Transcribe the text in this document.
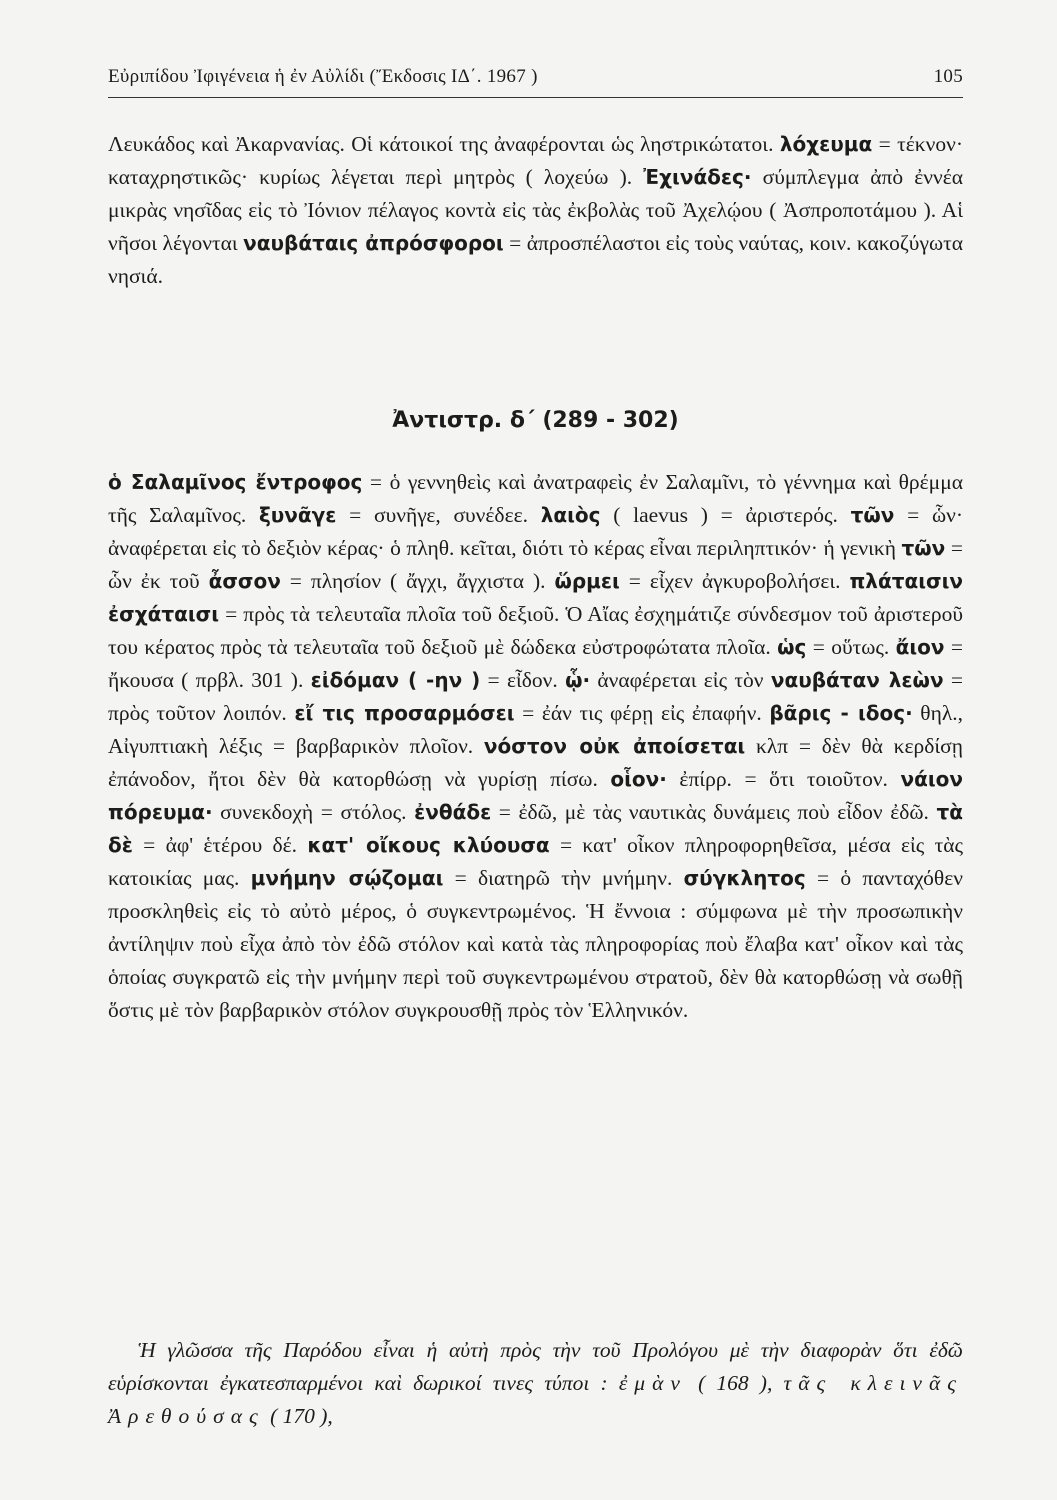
Εὐριπίδου Ἰφιγένεια ἡ ἐν Αὐλίδι (Ἔκδοσις ΙΔ΄. 1967 )	105

Λευκάδος καὶ Ἀκαρνανίας. Οἱ κάτοικοί της ἀναφέρονται ὡς ληστρικώτατοι. λόχευμα = τέκνον· καταχρηστικῶς· κυρίως λέγεται περὶ μητρὸς ( λοχεύω ). Ἐχινάδες· σύμπλεγμα ἀπὸ ἐννέα μικρὰς νησῖδας εἰς τὸ Ἰόνιον πέλαγος κοντὰ εἰς τὰς ἐκβολὰς τοῦ Ἀχελῴου ( Ἀσπροποτάμου ). Αἱ νῆσοι λέγονται ναυβάταις ἀπρόσφοροι = ἀπροσπέλαστοι εἰς τοὺς ναύτας, κοιν. κακοζύγωτα νησιά.

Ἀντιστρ. δ΄ (289 - 302)

ὁ Σαλαμῖνος ἔντροφος = ὁ γεννηθεὶς καὶ ἀνατραφεὶς ἐν Σαλαμῖνι, τὸ γέννημα καὶ θρέμμα τῆς Σαλαμῖνος. ξυνᾶγε = συνῆγε, συνέδεε. λαιὸς ( laevus ) = ἀριστερός. τῶν = ὧν· ἀναφέρεται εἰς τὸ δεξιὸν κέρας· ὁ πληθ. κεῖται, διότι τὸ κέρας εἶναι περιληπτικόν· ἡ γενικὴ τῶν = ὧν ἐκ τοῦ ἆσσον = πλησίον ( ἄγχι, ἄγχιστα ). ὥρμει = εἶχεν ἀγκυροβολήσει. πλάταισιν ἐσχάταισι = πρὸς τὰ τελευταῖα πλοῖα τοῦ δεξιοῦ. Ὁ Αἴας ἐσχημάτιζε σύνδεσμον τοῦ ἀριστεροῦ του κέρατος πρὸς τὰ τελευταῖα τοῦ δεξιοῦ μὲ δώδεκα εὐστροφώτατα πλοῖα. ὡς = οὕτως. ἄιον = ἤκουσα ( πρβλ. 301 ). εἰδόμαν ( -ην ) = εἶδον. ᾧ· ἀναφέρεται εἰς τὸν ναυβάταν λεὼν = πρὸς τοῦτον λοιπόν. εἴ τις προσαρμόσει = ἐάν τις φέρῃ εἰς ἐπαφήν. βᾶρις - ιδος· θηλ., Αἰγυπτιακὴ λέξις = βαρβαρικὸν πλοῖον. νόστον οὐκ ἀποίσεται κλπ = δὲν θὰ κερδίσῃ ἐπάνοδον, ἤτοι δὲν θὰ κατορθώσῃ νὰ γυρίσῃ πίσω. οἷον· ἐπίρρ. = ὅτι τοιοῦτον. νάιον πόρευμα· συνεκδοχὴ = στόλος. ἐνθάδε = ἐδῶ, μὲ τὰς ναυτικὰς δυνάμεις ποὺ εἶδον ἐδῶ. τὰ δὲ = ἀφ' ἑτέρου δέ. κατ' οἴκους κλύουσα = κατ' οἶκον πληροφορηθεῖσα, μέσα εἰς τὰς κατοικίας μας. μνήμην σῴζομαι = διατηρῶ τὴν μνήμην. σύγκλητος = ὁ πανταχόθεν προσκληθεὶς εἰς τὸ αὐτὸ μέρος, ὁ συγκεντρωμένος. Ἡ ἔννοια : σύμφωνα μὲ τὴν προσωπικὴν ἀντίληψιν ποὺ εἶχα ἀπὸ τὸν ἐδῶ στόλον καὶ κατὰ τὰς πληροφορίας ποὺ ἔλαβα κατ' οἶκον καὶ τὰς ὁποίας συγκρατῶ εἰς τὴν μνήμην περὶ τοῦ συγκεντρωμένου στρατοῦ, δὲν θὰ κατορθώσῃ νὰ σωθῇ ὅστις μὲ τὸν βαρβαρικὸν στόλον συγκρουσθῇ πρὸς τὸν Ἑλληνικόν.

Ἡ γλῶσσα τῆς Παρόδου εἶναι ἡ αὐτὴ πρὸς τὴν τοῦ Προλόγου μὲ τὴν διαφορὰν ὅτι ἐδῶ εὑρίσκονται ἐγκατεσπαρμένοι καὶ δωρικοί τινες τύποι : ἐμὰν ( 168 ), τᾶς κλεινᾶς Ἀρεθούσας ( 170 ),
